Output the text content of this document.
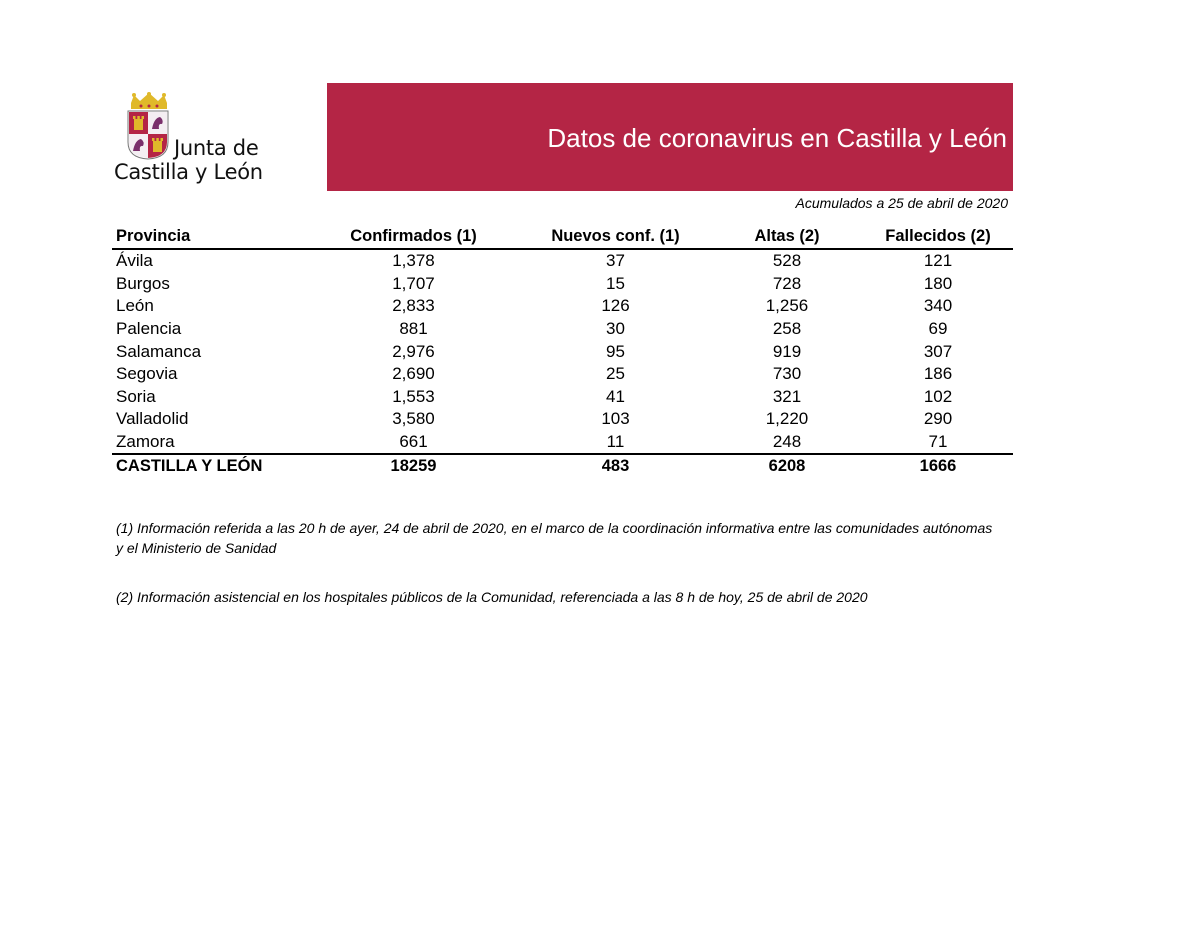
Junta de
Castilla y León
Datos de coronavirus en Castilla y León
Acumulados a 25 de abril de 2020
Provincia	Confirmados (1)	Nuevos conf. (1)	Altas (2)	Fallecidos (2)
Ávila	1,378	37	528	121
Burgos	1,707	15	728	180
León	2,833	126	1,256	340
Palencia	881	30	258	69
Salamanca	2,976	95	919	307
Segovia	2,690	25	730	186
Soria	1,553	41	321	102
Valladolid	3,580	103	1,220	290
Zamora	661	11	248	71
CASTILLA Y LEÓN	18259	483	6208	1666
(1) Información referida a las 20 h de ayer, 24 de abril de 2020, en el marco de la coordinación informativa entre las comunidades autónomas y el Ministerio de Sanidad
(2) Información asistencial en los hospitales públicos de la Comunidad, referenciada a las 8 h de hoy, 25 de abril de 2020
